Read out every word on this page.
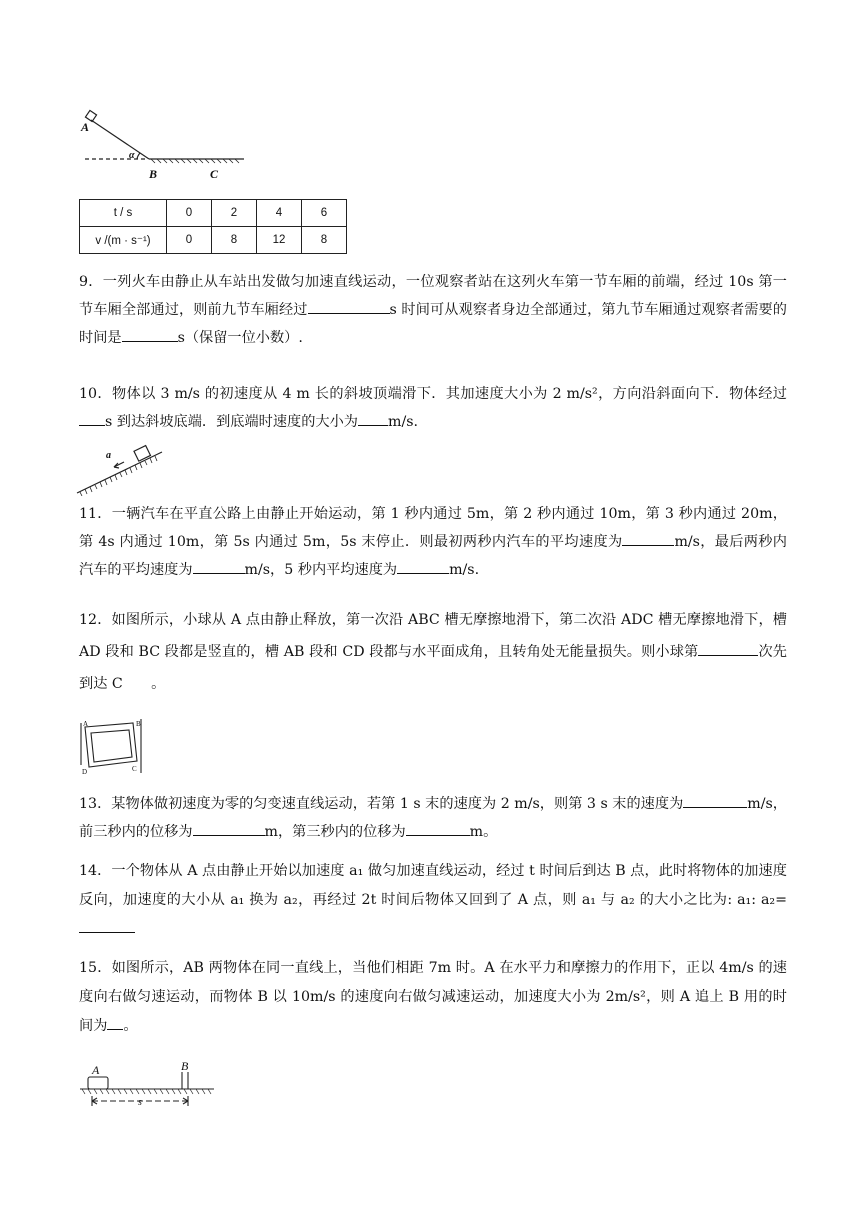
A
α
B	C
t / s	0	2	4	6
v /(m · s⁻¹)	0	8	12	8

9．一列火车由静止从车站出发做匀加速直线运动，一位观察者站在这列火车第一节车厢的前端，经过 10s 第一节车厢全部通过，则前九节车厢经过	s 时间可从观察者身边全部通过，第九节车厢通过观察者需要的时间是	s（保留一位小数）.

10．物体以 3 m/s 的初速度从 4 m 长的斜坡顶端滑下．其加速度大小为 2 m/s²，方向沿斜面向下．物体经过s 到达斜坡底端．到底端时速度的大小为 m/s.

a

11．一辆汽车在平直公路上由静止开始运动，第 1 秒内通过 5m，第 2 秒内通过 10m，第 3 秒内通过 20m，第 4s 内通过 10m，第 5s 内通过 5m，5s 末停止．则最初两秒内汽车的平均速度为	m/s，最后两秒内汽车的平均速度为	m/s，5 秒内平均速度为	m/s.

12．如图所示，小球从 A 点由静止释放，第一次沿 ABC 槽无摩擦地滑下，第二次沿 ADC 槽无摩擦地滑下，槽 AD 段和 BC 段都是竖直的，槽 AB 段和 CD 段都与水平面成角，且转角处无能量损失。则小球第	次先到达 C　　。

A	B
D	C

13．某物体做初速度为零的匀变速直线运动，若第 1 s 末的速度为 2 m/s，则第 3 s 末的速度为	m/s，前三秒内的位移为	m，第三秒内的位移为	m。

14．一个物体从 A 点由静止开始以加速度 a₁ 做匀加速直线运动，经过 t 时间后到达 B 点，此时将物体的加速度反向，加速度的大小从 a₁ 换为 a₂，再经过 2t 时间后物体又回到了 A 点，则 a₁ 与 a₂ 的大小之比为: a₁: a₂=

15．如图所示，AB 两物体在同一直线上，当他们相距 7m 时。A 在水平力和摩擦力的作用下，正以 4m/s 的速度向右做匀速运动，而物体 B 以 10m/s 的速度向右做匀减速运动，加速度大小为 2m/s²，则 A 追上 B 用的时间为 。

A	B
s
